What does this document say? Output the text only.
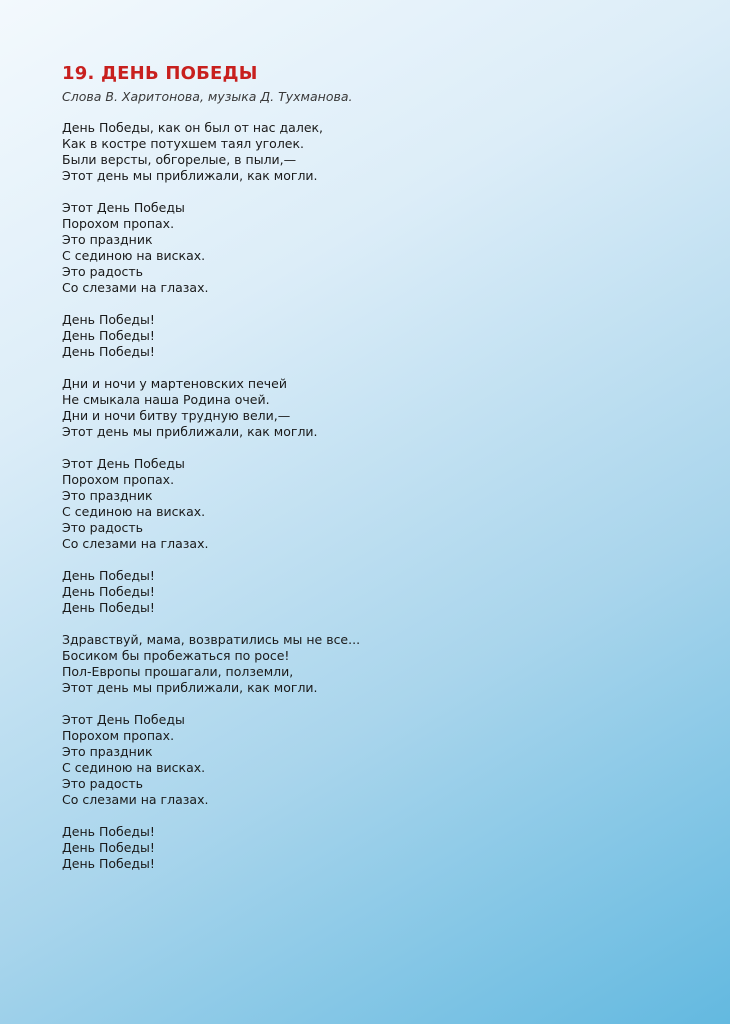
19. ДЕНЬ ПОБЕДЫ

Слова В. Харитонова, музыка Д. Тухманова.

День Победы, как он был от нас далек,
Как в костре потухшем таял уголек.
Были версты, обгорелые, в пыли,—
Этот день мы приближали, как могли.
Этот День Победы
Порохом пропах.
Это праздник
С сединою на висках.
Это радость
Со слезами на глазах.
День Победы!
День Победы!
День Победы!
Дни и ночи у мартеновских печей
Не смыкала наша Родина очей.
Дни и ночи битву трудную вели,—
Этот день мы приближали, как могли.
Этот День Победы
Порохом пропах.
Это праздник
С сединою на висках.
Это радость
Со слезами на глазах.
День Победы!
День Победы!
День Победы!
Здравствуй, мама, возвратились мы не все...
Босиком бы пробежаться по росе!
Пол-Европы прошагали, полземли,
Этот день мы приближали, как могли.
Этот День Победы
Порохом пропах.
Это праздник
С сединою на висках.
Это радость
Со слезами на глазах.
День Победы!
День Победы!
День Победы!
